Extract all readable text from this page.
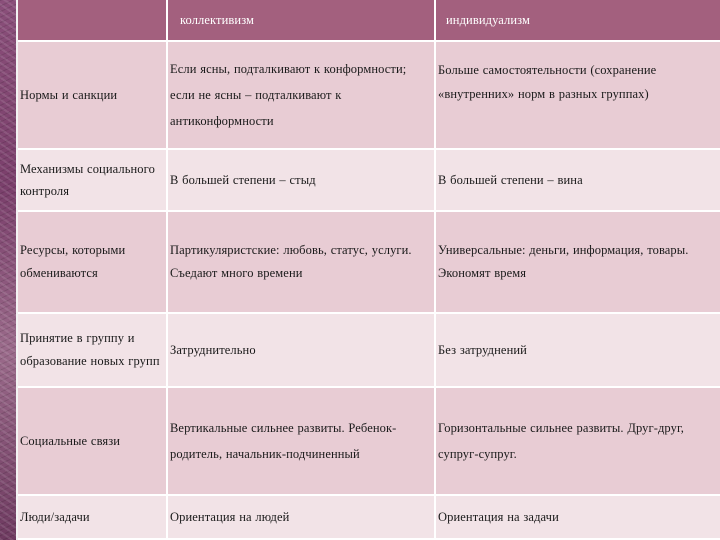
	коллективизм	индивидуализм
Нормы и санкции	Если ясны, подталкивают к конформности; если не ясны – подталкивают к антиконформности	Больше самостоятельности (сохранение «внутренних» норм в разных группах)
Механизмы социального контроля	В большей степени – стыд	В большей степени – вина
Ресурсы, которыми обмениваются	Партикуляристские: любовь, статус, услуги. Съедают много времени	Универсальные: деньги, информация, товары. Экономят время
Принятие в группу и образование новых групп	Затруднительно	Без затруднений
Социальные связи	Вертикальные сильнее развиты. Ребенок-родитель, начальник-подчиненный	Горизонтальные сильнее развиты. Друг-друг, супруг-супруг.
Люди/задачи	Ориентация на людей	Ориентация на задачи
